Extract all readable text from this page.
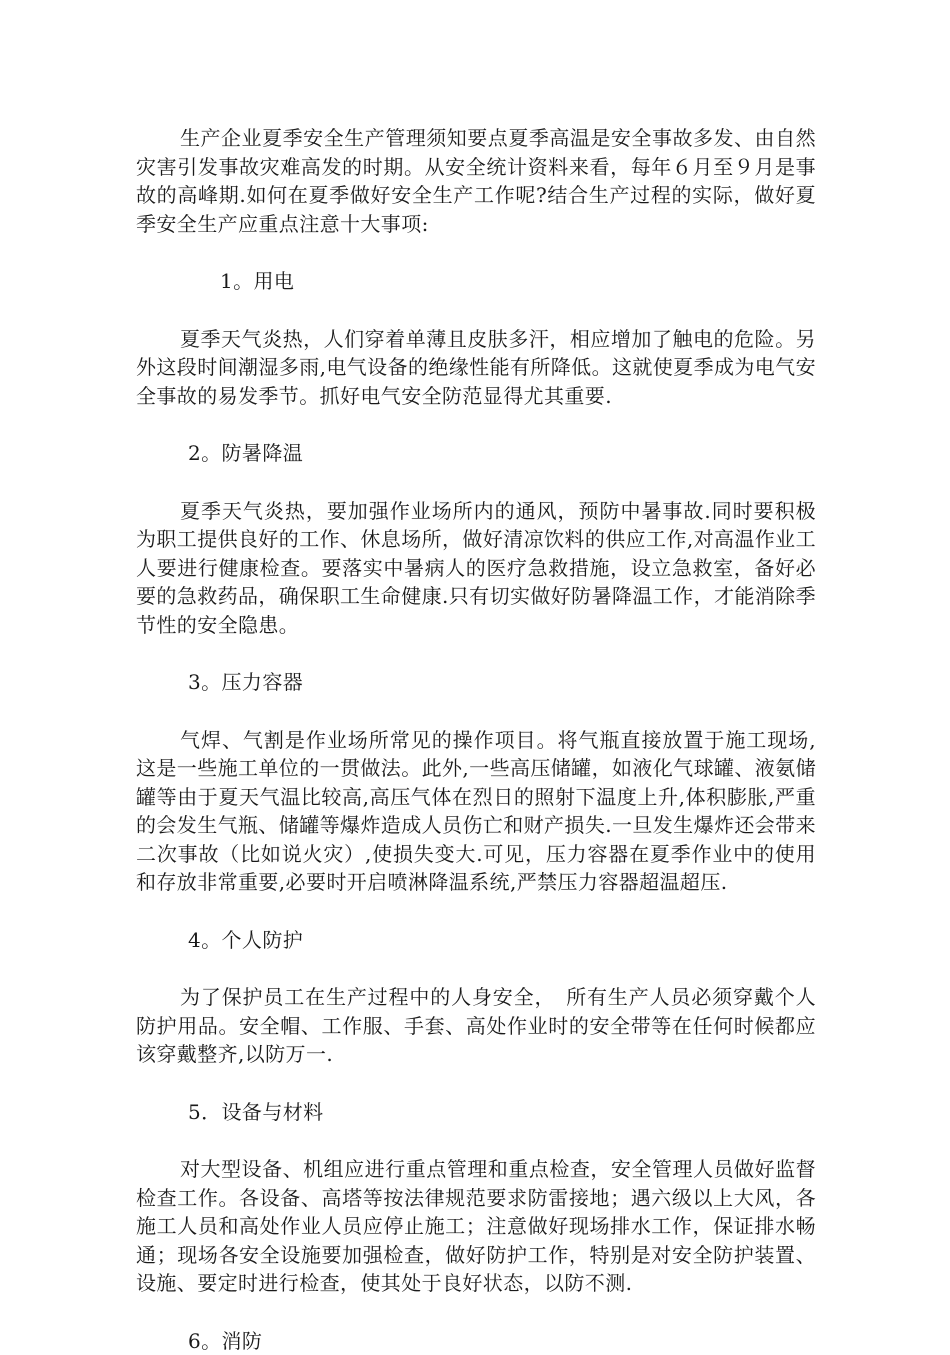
生产企业夏季安全生产管理须知要点夏季高温是安全事故多发、由自然灾害引发事故灾难高发的时期。从安全统计资料来看，每年６月至９月是事故的高峰期.如何在夏季做好安全生产工作呢?结合生产过程的实际，做好夏季安全生产应重点注意十大事项:

1。用电

夏季天气炎热，人们穿着单薄且皮肤多汗，相应增加了触电的危险。另外这段时间潮湿多雨,电气设备的绝缘性能有所降低。这就使夏季成为电气安全事故的易发季节。抓好电气安全防范显得尤其重要.

2。防暑降温

夏季天气炎热，要加强作业场所内的通风，预防中暑事故.同时要积极为职工提供良好的工作、休息场所，做好清凉饮料的供应工作,对高温作业工人要进行健康检查。要落实中暑病人的医疗急救措施，设立急救室，备好必要的急救药品，确保职工生命健康.只有切实做好防暑降温工作，才能消除季节性的安全隐患。

3。压力容器

气焊、气割是作业场所常见的操作项目。将气瓶直接放置于施工现场,这是一些施工单位的一贯做法。此外,一些高压储罐，如液化气球罐、液氨储罐等由于夏天气温比较高,高压气体在烈日的照射下温度上升,体积膨胀,严重的会发生气瓶、储罐等爆炸造成人员伤亡和财产损失.一旦发生爆炸还会带来二次事故（比如说火灾）,使损失变大.可见，压力容器在夏季作业中的使用和存放非常重要,必要时开启喷淋降温系统,严禁压力容器超温超压.

4。个人防护

为了保护员工在生产过程中的人身安全，　所有生产人员必须穿戴个人防护用品。安全帽、工作服、手套、高处作业时的安全带等在任何时候都应该穿戴整齐,以防万一.

5．设备与材料

对大型设备、机组应进行重点管理和重点检查，安全管理人员做好监督检查工作。各设备、高塔等按法律规范要求防雷接地；遇六级以上大风，各施工人员和高处作业人员应停止施工；注意做好现场排水工作，保证排水畅通；现场各安全设施要加强检查，做好防护工作，特别是对安全防护装置、设施、要定时进行检查，使其处于良好状态，以防不测.

6。消防
